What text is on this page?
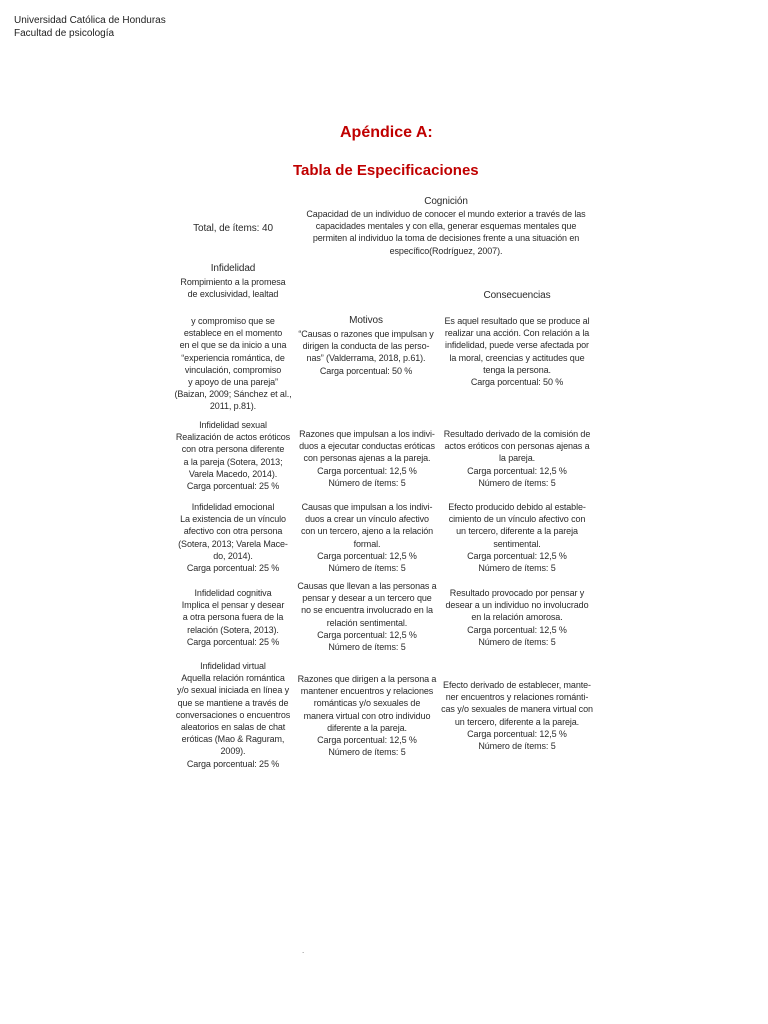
Universidad Católica de Honduras
Facultad de psicología
Apéndice A:
Tabla de Especificaciones
Total, de ítems: 40
Cognición
Capacidad de un individuo de conocer el mundo exterior a través de las
capacidades mentales y con ella, generar esquemas mentales que
permiten al individuo la toma de decisiones frente a una situación en
específico(Rodríguez, 2007).
Infidelidad
Rompimiento a la promesa
de exclusividad, lealtad
y compromiso que se
establece en el momento
en el que se da inicio a una
“experiencia romántica, de
vinculación, compromiso
y apoyo de una pareja”
(Baizan, 2009; Sánchez et al.,
2011, p.81).
Consecuencias
Es aquel resultado que se produce al
realizar una acción. Con relación a la
infidelidad, puede verse afectada por
la moral, creencias y actitudes que
tenga la persona.
Carga porcentual: 50 %
Motivos
“Causas o razones que impulsan y
dirigen la conducta de las perso-
nas” (Valderrama, 2018, p.61).
Carga porcentual: 50 %
Infidelidad sexual
Realización de actos eróticos
con otra persona diferente
a la pareja (Sotera, 2013;
Varela Macedo, 2014).
Carga porcentual: 25 %
Razones que impulsan a los indivi-
duos a ejecutar conductas eróticas
con personas ajenas a la pareja.
Carga porcentual: 12,5 %
Número de ítems: 5
Resultado derivado de la comisión de
actos eróticos con personas ajenas a
la pareja.
Carga porcentual: 12,5 %
Número de ítems: 5
Infidelidad emocional
La existencia de un vínculo
afectivo con otra persona
(Sotera, 2013; Varela Mace-
do, 2014).
Carga porcentual: 25 %
Causas que impulsan a los indivi-
duos a crear un vínculo afectivo
con un tercero, ajeno a la relación
formal.
Carga porcentual: 12,5 %
Número de ítems: 5
Efecto producido debido al estable-
cimiento de un vínculo afectivo con
un tercero, diferente a la pareja
sentimental.
Carga porcentual: 12,5 %
Número de ítems: 5
Infidelidad cognitiva
Implica el pensar y desear
a otra persona fuera de la
relación (Sotera, 2013).
Carga porcentual: 25 %
Causas que llevan a las personas a
pensar y desear a un tercero que
no se encuentra involucrado en la
relación sentimental.
Carga porcentual: 12,5 %
Número de ítems: 5
Resultado provocado por pensar y
desear a un individuo no involucrado
en la relación amorosa.
Carga porcentual: 12,5 %
Número de ítems: 5
Infidelidad virtual
Aquella relación romántica
y/o sexual iniciada en línea y
que se mantiene a través de
conversaciones o encuentros
aleatorios en salas de chat
eróticas (Mao & Raguram,
2009).
Carga porcentual: 25 %
Razones que dirigen a la persona a
mantener encuentros y relaciones
románticas y/o sexuales de
manera virtual con otro individuo
diferente a la pareja.
Carga porcentual: 12,5 %
Número de ítems: 5
Efecto derivado de establecer, mante-
ner encuentros y relaciones románti-
cas y/o sexuales de manera virtual con
un tercero, diferente a la pareja.
Carga porcentual: 12,5 %
Número de ítems: 5
.
